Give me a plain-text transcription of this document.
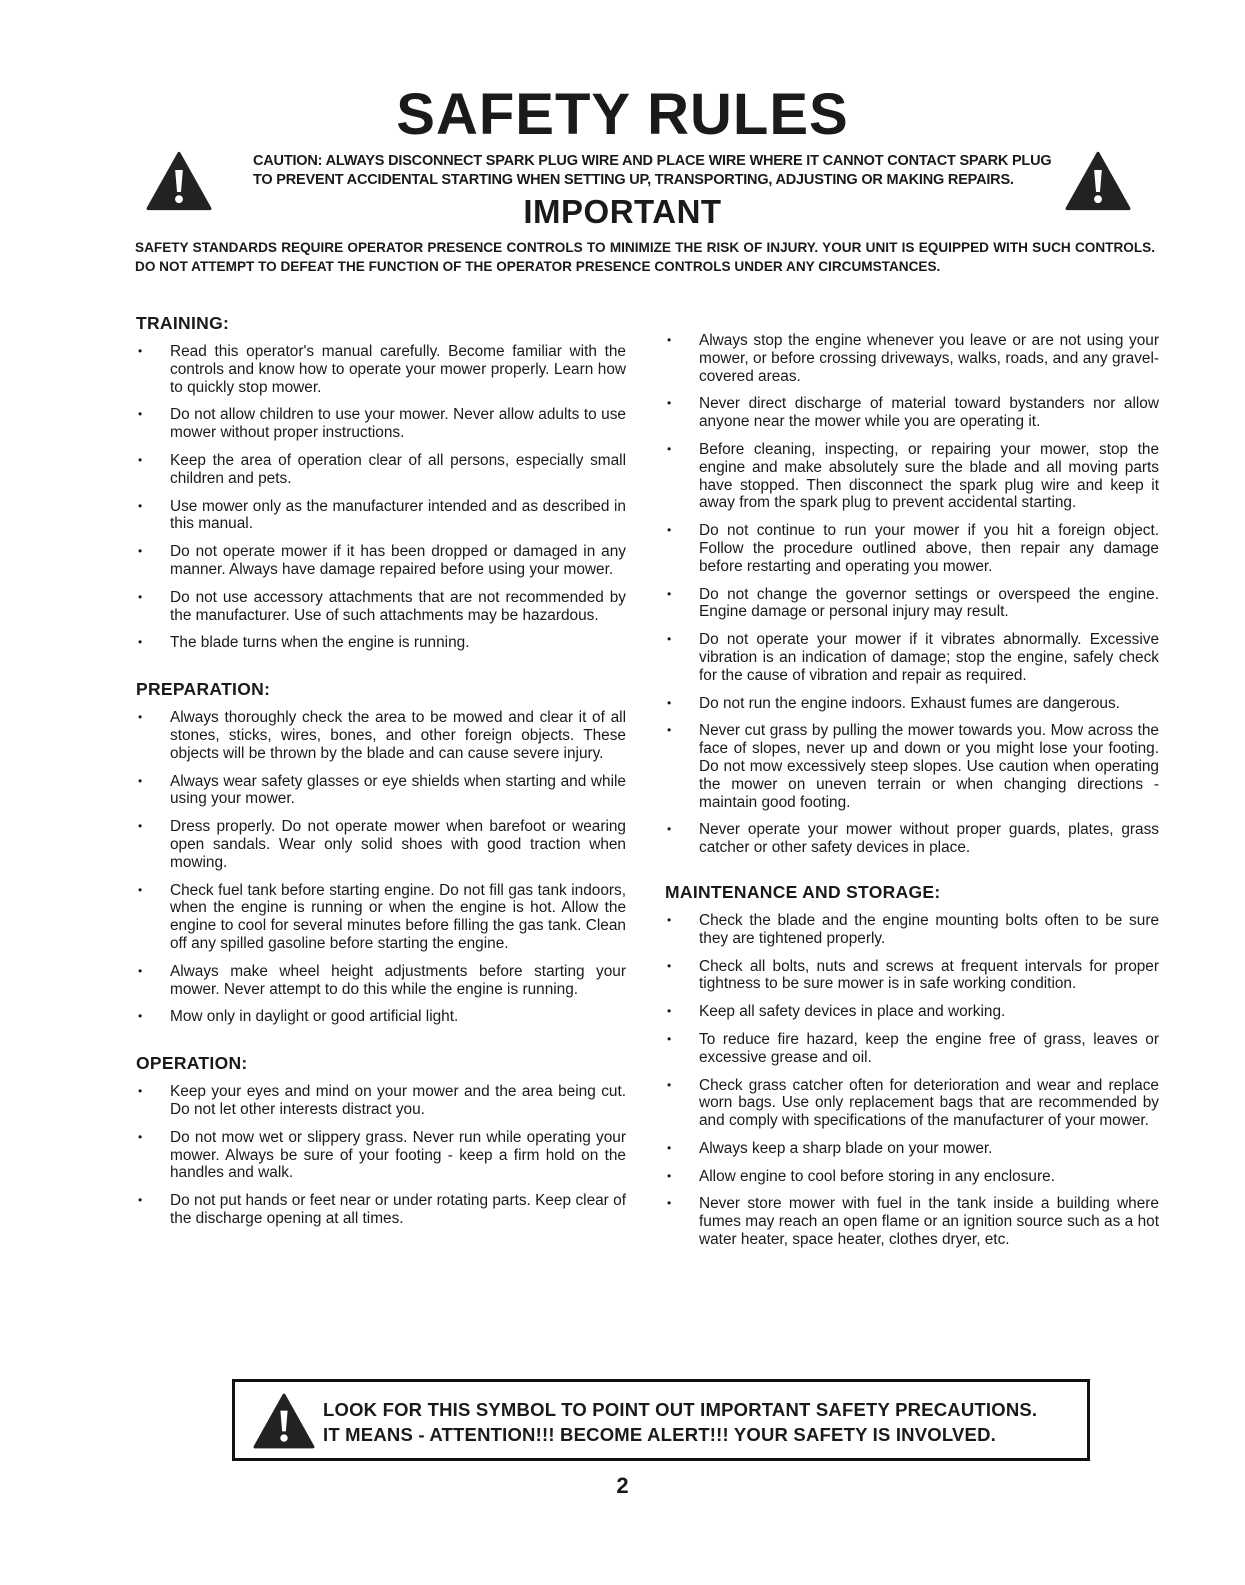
SAFETY RULES
CAUTION: ALWAYS DISCONNECT SPARK PLUG WIRE AND PLACE WIRE WHERE IT CANNOT CONTACT SPARK PLUG TO PREVENT ACCIDENTAL STARTING WHEN SETTING UP, TRANSPORTING, ADJUSTING OR MAKING REPAIRS.
IMPORTANT
SAFETY STANDARDS REQUIRE OPERATOR PRESENCE CONTROLS TO MINIMIZE THE RISK OF INJURY. YOUR UNIT IS EQUIPPED WITH SUCH CONTROLS. DO NOT ATTEMPT TO DEFEAT THE FUNCTION OF THE OPERATOR PRESENCE CONTROLS UNDER ANY CIRCUMSTANCES.
TRAINING:
• Read this operator's manual carefully. Become familiar with the controls and know how to operate your mower properly. Learn how to quickly stop mower.
• Do not allow children to use your mower. Never allow adults to use mower without proper instructions.
• Keep the area of operation clear of all persons, especially small children and pets.
• Use mower only as the manufacturer intended and as described in this manual.
• Do not operate mower if it has been dropped or damaged in any manner. Always have damage repaired before using your mower.
• Do not use accessory attachments that are not recommended by the manufacturer. Use of such attachments may be hazardous.
• The blade turns when the engine is running.
PREPARATION:
• Always thoroughly check the area to be mowed and clear it of all stones, sticks, wires, bones, and other foreign objects. These objects will be thrown by the blade and can cause severe injury.
• Always wear safety glasses or eye shields when starting and while using your mower.
• Dress properly. Do not operate mower when barefoot or wearing open sandals. Wear only solid shoes with good traction when mowing.
• Check fuel tank before starting engine. Do not fill gas tank indoors, when the engine is running or when the engine is hot. Allow the engine to cool for several minutes before filling the gas tank. Clean off any spilled gasoline before starting the engine.
• Always make wheel height adjustments before starting your mower. Never attempt to do this while the engine is running.
• Mow only in daylight or good artificial light.
OPERATION:
• Keep your eyes and mind on your mower and the area being cut. Do not let other interests distract you.
• Do not mow wet or slippery grass. Never run while operating your mower. Always be sure of your footing - keep a firm hold on the handles and walk.
• Do not put hands or feet near or under rotating parts. Keep clear of the discharge opening at all times.
• Always stop the engine whenever you leave or are not using your mower, or before crossing driveways, walks, roads, and any gravel-covered areas.
• Never direct discharge of material toward bystanders nor allow anyone near the mower while you are operating it.
• Before cleaning, inspecting, or repairing your mower, stop the engine and make absolutely sure the blade and all moving parts have stopped. Then disconnect the spark plug wire and keep it away from the spark plug to prevent accidental starting.
• Do not continue to run your mower if you hit a foreign object. Follow the procedure outlined above, then repair any damage before restarting and operating you mower.
• Do not change the governor settings or overspeed the engine. Engine damage or personal injury may result.
• Do not operate your mower if it vibrates abnormally. Excessive vibration is an indication of damage; stop the engine, safely check for the cause of vibration and repair as required.
• Do not run the engine indoors. Exhaust fumes are dangerous.
• Never cut grass by pulling the mower towards you. Mow across the face of slopes, never up and down or you might lose your footing. Do not mow excessively steep slopes. Use caution when operating the mower on uneven terrain or when changing directions - maintain good footing.
• Never operate your mower without proper guards, plates, grass catcher or other safety devices in place.
MAINTENANCE AND STORAGE:
• Check the blade and the engine mounting bolts often to be sure they are tightened properly.
• Check all bolts, nuts and screws at frequent intervals for proper tightness to be sure mower is in safe working condition.
• Keep all safety devices in place and working.
• To reduce fire hazard, keep the engine free of grass, leaves or excessive grease and oil.
• Check grass catcher often for deterioration and wear and replace worn bags. Use only replacement bags that are recommended by and comply with specifications of the manufacturer of your mower.
• Always keep a sharp blade on your mower.
• Allow engine to cool before storing in any enclosure.
• Never store mower with fuel in the tank inside a building where fumes may reach an open flame or an ignition source such as a hot water heater, space heater, clothes dryer, etc.
LOOK FOR THIS SYMBOL TO POINT OUT IMPORTANT SAFETY PRECAUTIONS.
IT MEANS - ATTENTION!!! BECOME ALERT!!! YOUR SAFETY IS INVOLVED.
2
